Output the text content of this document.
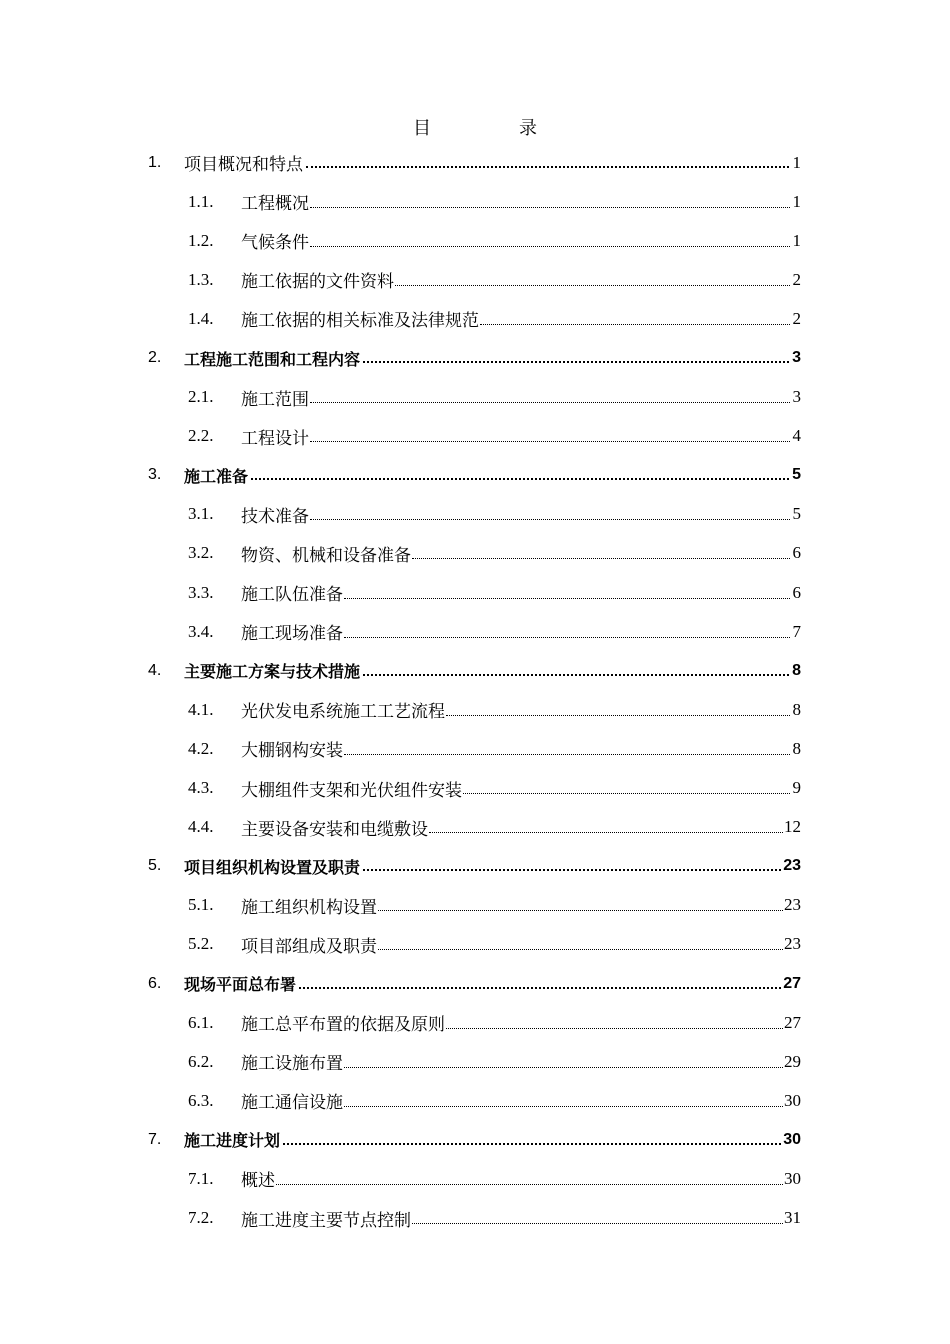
目	录
1.	项目概况和特点	1
1.1.	工程概况	1
1.2.	气候条件	1
1.3.	施工依据的文件资料	2
1.4.	施工依据的相关标准及法律规范	2
2.	工程施工范围和工程内容	3
2.1.	施工范围	3
2.2.	工程设计	4
3.	施工准备	5
3.1.	技术准备	5
3.2.	物资、机械和设备准备	6
3.3.	施工队伍准备	6
3.4.	施工现场准备	7
4.	主要施工方案与技术措施	8
4.1.	光伏发电系统施工工艺流程	8
4.2.	大棚钢构安装	8
4.3.	大棚组件支架和光伏组件安装	9
4.4.	主要设备安装和电缆敷设	12
5.	项目组织机构设置及职责	23
5.1.	施工组织机构设置	23
5.2.	项目部组成及职责	23
6.	现场平面总布署	27
6.1.	施工总平布置的依据及原则	27
6.2.	施工设施布置	29
6.3.	施工通信设施	30
7.	施工进度计划	30
7.1.	概述	30
7.2.	施工进度主要节点控制	31
